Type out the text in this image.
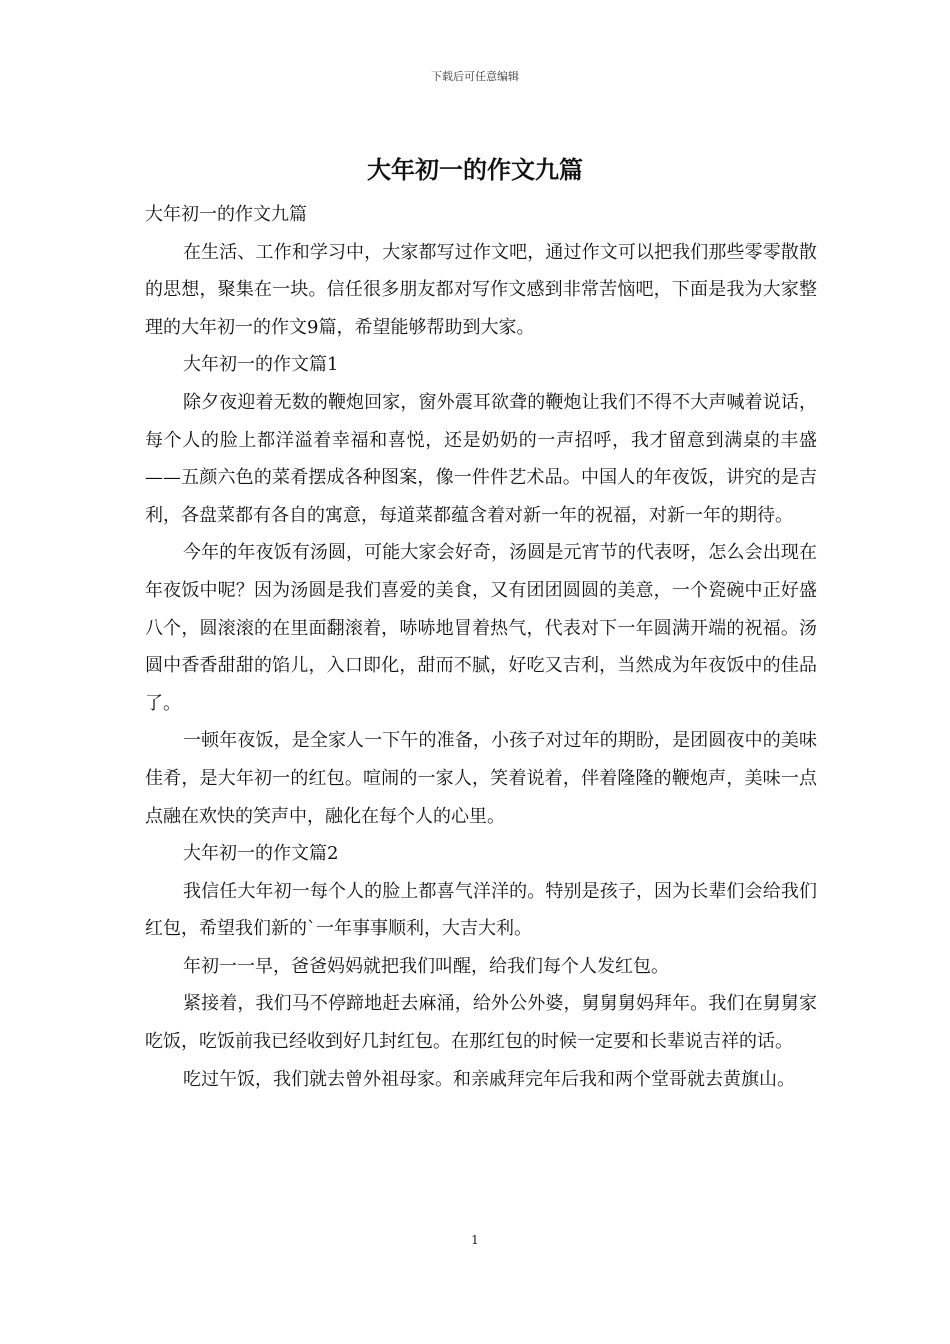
下载后可任意编辑
大年初一的作文九篇

大年初一的作文九篇

在生活、工作和学习中，大家都写过作文吧，通过作文可以把我们那些零零散散的思想，聚集在一块。信任很多朋友都对写作文感到非常苦恼吧，下面是我为大家整理的大年初一的作文9篇，希望能够帮助到大家。

大年初一的作文篇1

除夕夜迎着无数的鞭炮回家，窗外震耳欲聋的鞭炮让我们不得不大声喊着说话，每个人的脸上都洋溢着幸福和喜悦，还是奶奶的一声招呼，我才留意到满桌的丰盛——五颜六色的菜肴摆成各种图案，像一件件艺术品。中国人的年夜饭，讲究的是吉利，各盘菜都有各自的寓意，每道菜都蕴含着对新一年的祝福，对新一年的期待。

今年的年夜饭有汤圆，可能大家会好奇，汤圆是元宵节的代表呀，怎么会出现在年夜饭中呢？因为汤圆是我们喜爱的美食，又有团团圆圆的美意，一个瓷碗中正好盛八个，圆滚滚的在里面翻滚着，哧哧地冒着热气，代表对下一年圆满开端的祝福。汤圆中香香甜甜的馅儿，入口即化，甜而不腻，好吃又吉利，当然成为年夜饭中的佳品了。

一顿年夜饭，是全家人一下午的准备，小孩子对过年的期盼，是团圆夜中的美味佳肴，是大年初一的红包。喧闹的一家人，笑着说着，伴着隆隆的鞭炮声，美味一点点融在欢快的笑声中，融化在每个人的心里。

大年初一的作文篇2

我信任大年初一每个人的脸上都喜气洋洋的。特别是孩子，因为长辈们会给我们红包，希望我们新的`一年事事顺利，大吉大利。

年初一一早，爸爸妈妈就把我们叫醒，给我们每个人发红包。

紧接着，我们马不停蹄地赶去麻涌，给外公外婆，舅舅舅妈拜年。我们在舅舅家吃饭，吃饭前我已经收到好几封红包。在那红包的时候一定要和长辈说吉祥的话。

吃过午饭，我们就去曾外祖母家。和亲戚拜完年后我和两个堂哥就去黄旗山。

1
